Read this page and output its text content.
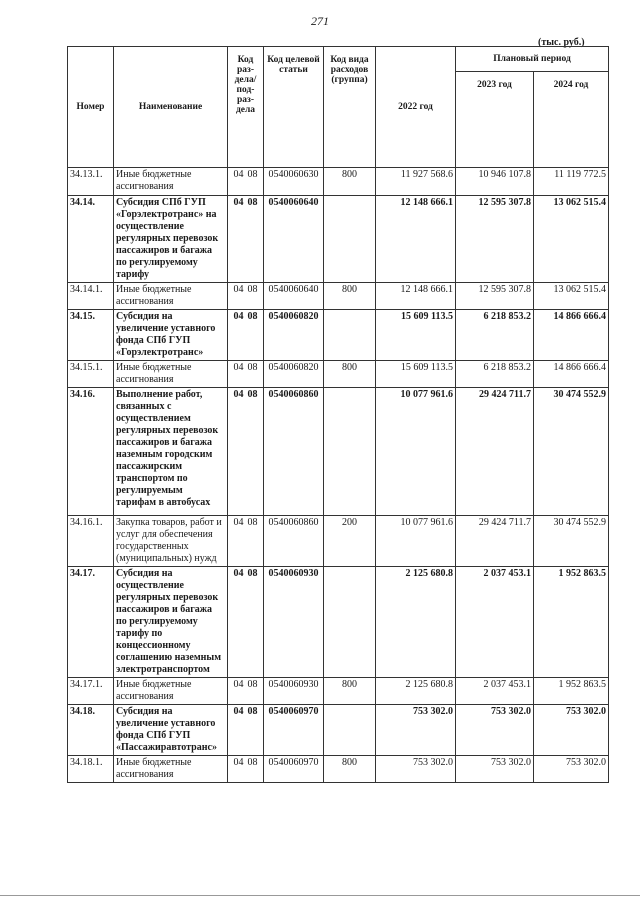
271
(тыс. руб.)
Номер	Наименование	Код раз-дела/ под-раз-дела	Код целевой статьи	Код вида расходов (группа)	2022 год	Плановый период	
						2023 год	2024 год
34.13.1.	Иные бюджетные ассигнования	04 08	0540060630	800	11 927 568.6	10 946 107.8	11 119 772.5
34.14.	Субсидия СПб ГУП «Горэлектротранс» на осуществление регулярных перевозок пассажиров и багажа по регулируемому тарифу	04 08	0540060640		12 148 666.1	12 595 307.8	13 062 515.4
34.14.1.	Иные бюджетные ассигнования	04 08	0540060640	800	12 148 666.1	12 595 307.8	13 062 515.4
34.15.	Субсидия на увеличение уставного фонда СПб ГУП «Горэлектротранс»	04 08	0540060820		15 609 113.5	6 218 853.2	14 866 666.4
34.15.1.	Иные бюджетные ассигнования	04 08	0540060820	800	15 609 113.5	6 218 853.2	14 866 666.4
34.16.	Выполнение работ, связанных с осуществлением регулярных перевозок пассажиров и багажа наземным городским пассажирским транспортом по регулируемым тарифам в автобусах	04 08	0540060860		10 077 961.6	29 424 711.7	30 474 552.9
34.16.1.	Закупка товаров, работ и услуг для обеспечения государственных (муниципальных) нужд	04 08	0540060860	200	10 077 961.6	29 424 711.7	30 474 552.9
34.17.	Субсидия на осуществление регулярных перевозок пассажиров и багажа по регулируемому тарифу по концессионному соглашению наземным электротранспортом	04 08	0540060930		2 125 680.8	2 037 453.1	1 952 863.5
34.17.1.	Иные бюджетные ассигнования	04 08	0540060930	800	2 125 680.8	2 037 453.1	1 952 863.5
34.18.	Субсидия на увеличение уставного фонда СПб ГУП «Пассажиравтотранс»	04 08	0540060970		753 302.0	753 302.0	753 302.0
34.18.1.	Иные бюджетные ассигнования	04 08	0540060970	800	753 302.0	753 302.0	753 302.0
